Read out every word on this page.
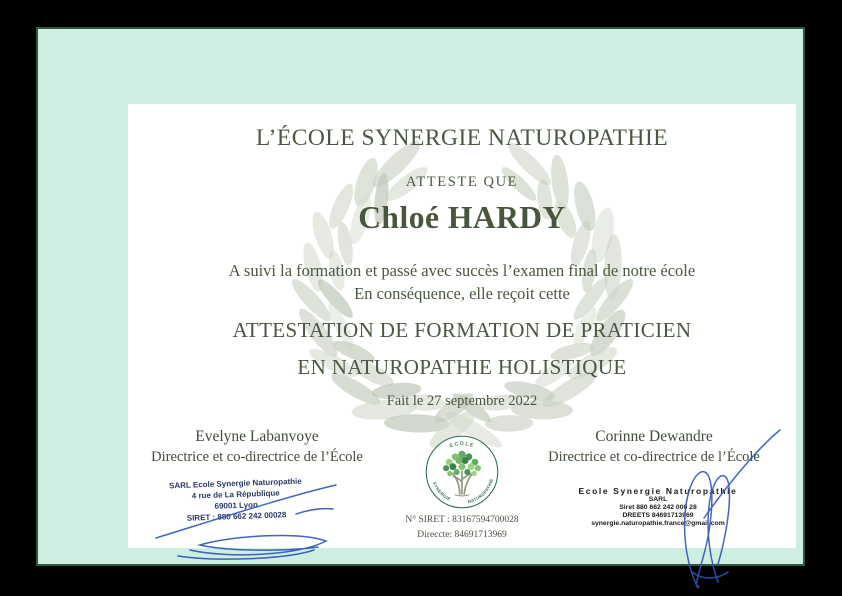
L’ÉCOLE SYNERGIE NATUROPATHIE
ATTESTE QUE
Chloé HARDY
A suivi la formation et passé avec succès l’examen final de notre école
En conséquence, elle reçoit cette
ATTESTATION DE FORMATION DE PRATICIEN
EN NATUROPATHIE HOLISTIQUE
Fait le 27 septembre 2022
Evelyne Labanvoye
Directrice et co-directrice de l’École
SARL Ecole Synergie Naturopathie
4 rue de La République
69001 Lyon
SIRET : 880 662 242 00028
Corinne Dewandre
Directrice et co-directrice de l’École
Ecole Synergie Naturopathie
SARL
Siret 880 662 242 000 28
DREETS 84691713969
synergie.naturopathie.france@gmail.com
ECOLE
SYNERGIE	NATUROPATHIE
N° SIRET : 83167594700028
Direccte: 84691713969
